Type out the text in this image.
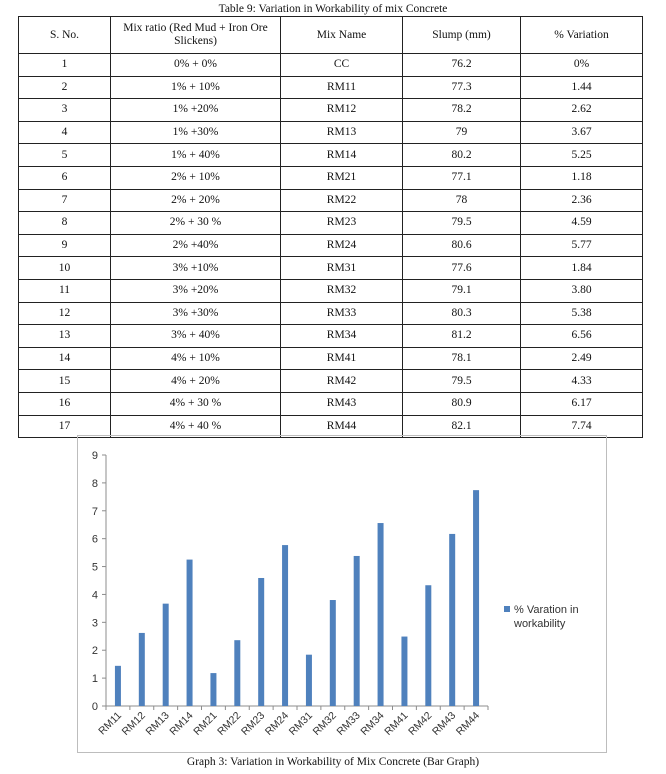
Table 9: Variation in Workability of mix Concrete
S. No.	Mix ratio (Red Mud + Iron Ore Slickens)	Mix Name	Slump (mm)	% Variation
1	0% + 0%	CC	76.2	0%
2	1% + 10%	RM11	77.3	1.44
3	1% +20%	RM12	78.2	2.62
4	1% +30%	RM13	79	3.67
5	1% + 40%	RM14	80.2	5.25
6	2% + 10%	RM21	77.1	1.18
7	2% + 20%	RM22	78	2.36
8	2% + 30 %	RM23	79.5	4.59
9	2% +40%	RM24	80.6	5.77
10	3% +10%	RM31	77.6	1.84
11	3% +20%	RM32	79.1	3.80
12	3% +30%	RM33	80.3	5.38
13	3% + 40%	RM34	81.2	6.56
14	4% + 10%	RM41	78.1	2.49
15	4% + 20%	RM42	79.5	4.33
16	4% + 30 %	RM43	80.9	6.17
17	4% + 40 %	RM44	82.1	7.74
0
1
2
3
4
5
6
7
8
9
RM11
RM12
RM13
RM14
RM21
RM22
RM23
RM24
RM31
RM32
RM33
RM34
RM41
RM42
RM43
RM44
% Varation in workability
Graph 3: Variation in Workability of Mix Concrete (Bar Graph)
